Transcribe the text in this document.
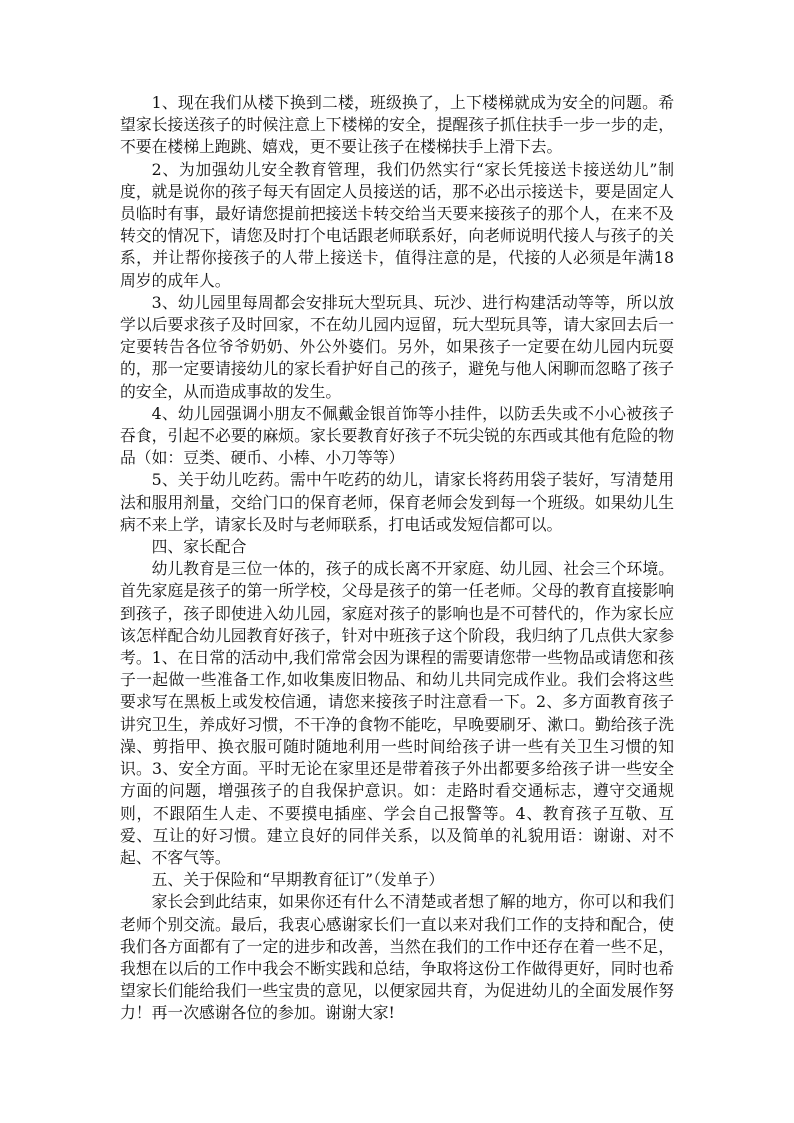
1、现在我们从楼下换到二楼，班级换了，上下楼梯就成为安全的问题。希望家长接送孩子的时候注意上下楼梯的安全，提醒孩子抓住扶手一步一步的走，不要在楼梯上跑跳、嬉戏，更不要让孩子在楼梯扶手上滑下去。

2、为加强幼儿安全教育管理，我们仍然实行“家长凭接送卡接送幼儿”制度，就是说你的孩子每天有固定人员接送的话，那不必出示接送卡，要是固定人员临时有事，最好请您提前把接送卡转交给当天要来接孩子的那个人，在来不及转交的情况下，请您及时打个电话跟老师联系好，向老师说明代接人与孩子的关系，并让帮你接孩子的人带上接送卡，值得注意的是，代接的人必须是年满18周岁的成年人。

3、幼儿园里每周都会安排玩大型玩具、玩沙、进行构建活动等等，所以放学以后要求孩子及时回家，不在幼儿园内逗留，玩大型玩具等，请大家回去后一定要转告各位爷爷奶奶、外公外婆们。另外，如果孩子一定要在幼儿园内玩耍的，那一定要请接幼儿的家长看护好自己的孩子，避免与他人闲聊而忽略了孩子的安全，从而造成事故的发生。

4、幼儿园强调小朋友不佩戴金银首饰等小挂件，以防丢失或不小心被孩子吞食，引起不必要的麻烦。家长要教育好孩子不玩尖锐的东西或其他有危险的物品（如：豆类、硬币、小棒、小刀等等）

5、关于幼儿吃药。需中午吃药的幼儿，请家长将药用袋子装好，写清楚用法和服用剂量，交给门口的保育老师，保育老师会发到每一个班级。如果幼儿生病不来上学，请家长及时与老师联系，打电话或发短信都可以。

四、家长配合

幼儿教育是三位一体的，孩子的成长离不开家庭、幼儿园、社会三个环境。首先家庭是孩子的第一所学校，父母是孩子的第一任老师。父母的教育直接影响到孩子，孩子即使进入幼儿园，家庭对孩子的影响也是不可替代的，作为家长应该怎样配合幼儿园教育好孩子，针对中班孩子这个阶段，我归纳了几点供大家参考。1、在日常的活动中,我们常常会因为课程的需要请您带一些物品或请您和孩子一起做一些准备工作,如收集废旧物品、和幼儿共同完成作业。我们会将这些要求写在黑板上或发校信通，请您来接孩子时注意看一下。2、多方面教育孩子讲究卫生，养成好习惯，不干净的食物不能吃，早晚要刷牙、漱口。勤给孩子洗澡、剪指甲、换衣服可随时随地利用一些时间给孩子讲一些有关卫生习惯的知识。3、安全方面。平时无论在家里还是带着孩子外出都要多给孩子讲一些安全方面的问题，增强孩子的自我保护意识。如：走路时看交通标志，遵守交通规则，不跟陌生人走、不要摸电插座、学会自己报警等。4、教育孩子互敬、互爱、互让的好习惯。建立良好的同伴关系，以及简单的礼貌用语：谢谢、对不起、不客气等。

五、关于保险和“早期教育征订”（发单子）

家长会到此结束，如果你还有什么不清楚或者想了解的地方，你可以和我们老师个别交流。最后，我衷心感谢家长们一直以来对我们工作的支持和配合，使我们各方面都有了一定的进步和改善，当然在我们的工作中还存在着一些不足，我想在以后的工作中我会不断实践和总结，争取将这份工作做得更好，同时也希望家长们能给我们一些宝贵的意见，以便家园共育，为促进幼儿的全面发展作努力！再一次感谢各位的参加。谢谢大家!
